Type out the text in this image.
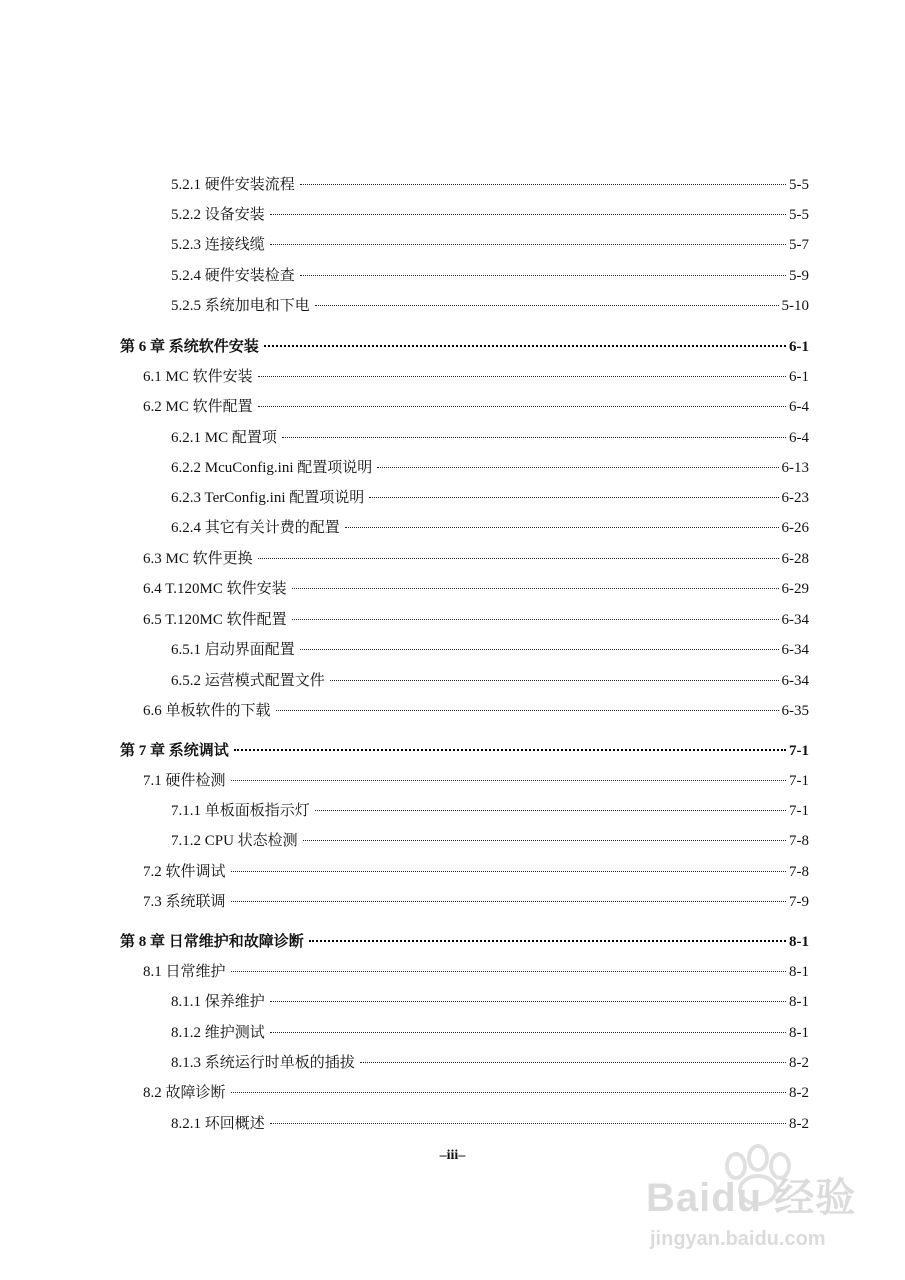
5.2.1 硬件安装流程	5-5
5.2.2 设备安装	5-5
5.2.3 连接线缆	5-7
5.2.4 硬件安装检查	5-9
5.2.5 系统加电和下电	5-10
第 6 章 系统软件安装	6-1
6.1 MC 软件安装	6-1
6.2 MC 软件配置	6-4
6.2.1 MC 配置项	6-4
6.2.2 McuConfig.ini 配置项说明	6-13
6.2.3 TerConfig.ini 配置项说明	6-23
6.2.4 其它有关计费的配置	6-26
6.3 MC 软件更换	6-28
6.4 T.120MC 软件安装	6-29
6.5 T.120MC 软件配置	6-34
6.5.1 启动界面配置	6-34
6.5.2 运营模式配置文件	6-34
6.6 单板软件的下载	6-35
第 7 章 系统调试	7-1
7.1 硬件检测	7-1
7.1.1 单板面板指示灯	7-1
7.1.2 CPU 状态检测	7-8
7.2 软件调试	7-8
7.3 系统联调	7-9
第 8 章 日常维护和故障诊断	8-1
8.1 日常维护	8-1
8.1.1 保养维护	8-1
8.1.2 维护测试	8-1
8.1.3 系统运行时单板的插拔	8-2
8.2 故障诊断	8-2
8.2.1 环回概述	8-2
–iii–
Baidu 经验
jingyan.baidu.com
